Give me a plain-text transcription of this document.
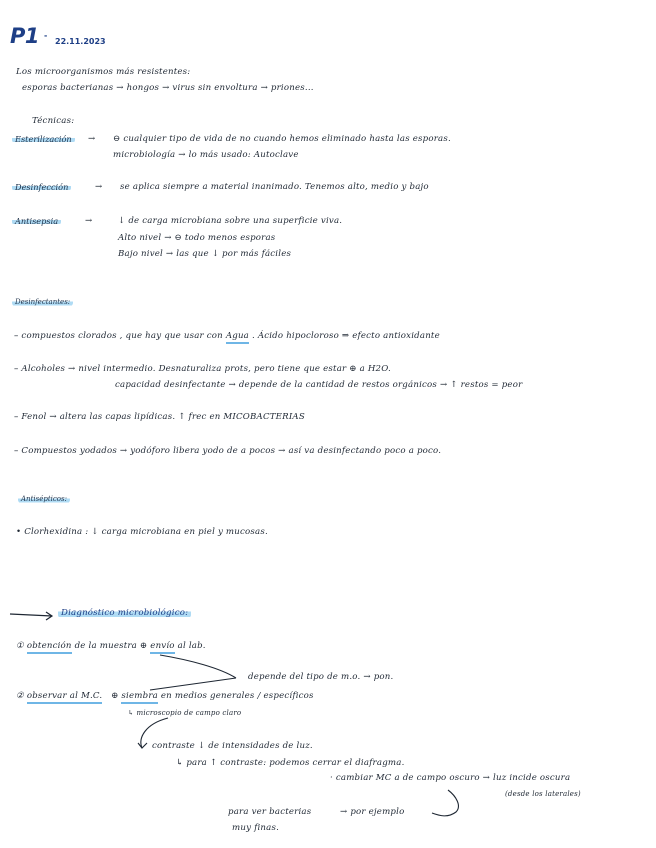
P1 -
22.11.2023
Los microorganismos más resistentes:
esporas bacterianas → hongos → virus sin envoltura → priones...
Técnicas:
Esterilización	→ ⊖ cualquier tipo de vida de no cuando hemos eliminado hasta las esporas.
microbiología → lo más usado: Autoclave
Desinfección	→ se aplica siempre a material inanimado. Tenemos alto, medio y bajo
Antisepsia	→	↓ de carga microbiana sobre una superficie viva.
Alto nivel → ⊖ todo menos esporas
Bajo nivel → las que ↓ por más fáciles
Desinfectantes:
– compuestos clorados , que hay que usar con Agua . Ácido hipocloroso ⇒ efecto antioxidante
– Alcoholes → nivel intermedio. Desnaturaliza prots, pero tiene que estar ⊕ a H2O.
capacidad desinfectante → depende de la cantidad de restos orgánicos → ↑ restos = peor
– Fenol → altera las capas lipídicas. ↑ frec en MICOBACTERIAS
– Compuestos yodados → yodóforo libera yodo de a pocos → así va desinfectando poco a poco.
Antisépticos:
• Clorhexidina : ↓ carga microbiana en piel y mucosas.
Diagnóstico microbiológico:
① obtención de la muestra ⊕ envío al lab.
depende del tipo de m.o. → pon.
② observar al M.C. ⊕ siembra en medios generales / específicos
↳ microscopio de campo claro
contraste ↓ de intensidades de luz.
↳ para ↑ contraste: podemos cerrar el diafragma.
· cambiar MC a de campo oscuro → luz incide oscura
(desde los laterales)
para ver bacterias	→ por ejemplo
muy finas.
